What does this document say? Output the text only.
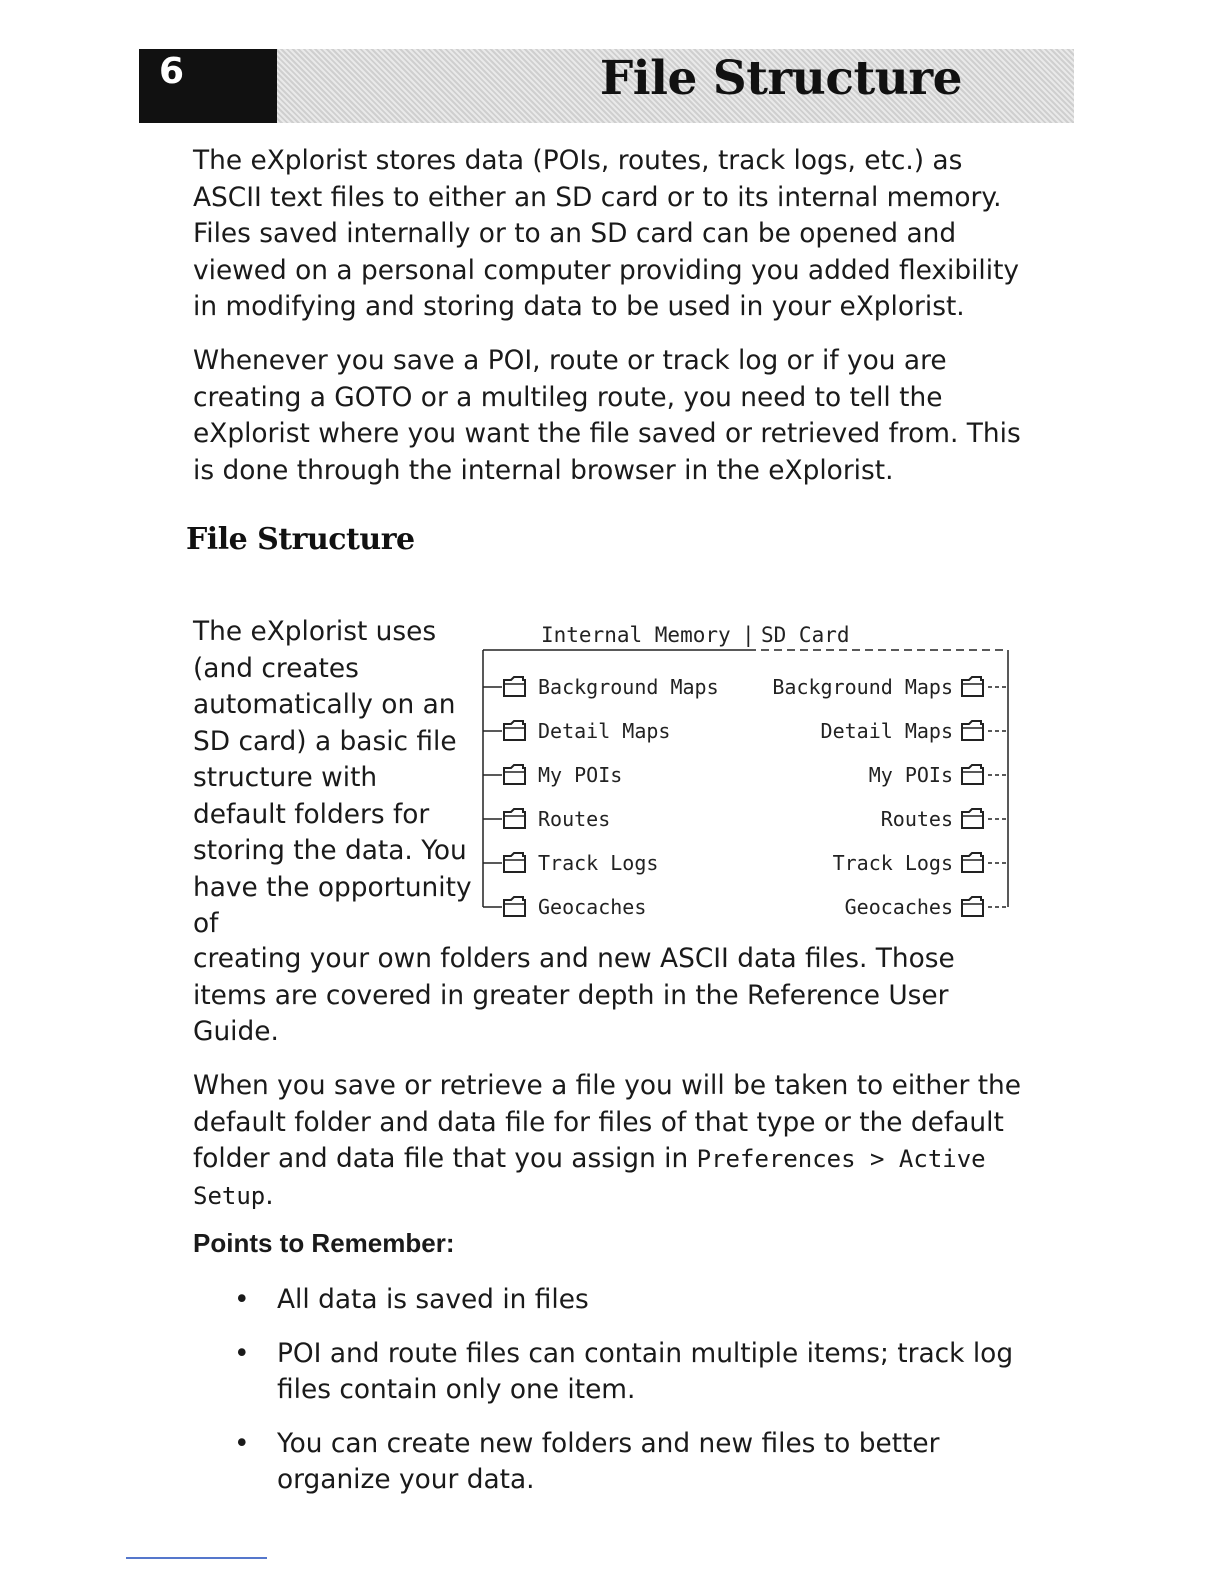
6	File Structure

The eXplorist stores data (POIs, routes, track logs, etc.) as ASCII text files to either an SD card or to its internal memory. Files saved internally or to an SD card can be opened and viewed on a personal computer providing you added flexibility in modifying and storing data to be used in your eXplorist.

Whenever you save a POI, route or track log or if you are creating a GOTO or a multileg route, you need to tell the eXplorist where you want the file saved or retrieved from. This is done through the internal browser in the eXplorist.

File Structure

The eXplorist uses (and creates automatically on an SD card) a basic file structure with default folders for storing the data. You have the opportunity of

Internal Memory | SD Card
Background Maps
Detail Maps
My POIs
Routes
Track Logs
Geocaches
Background Maps
Detail Maps
My POIs
Routes
Track Logs
Geocaches

creating your own folders and new ASCII data files. Those items are covered in greater depth in the Reference User Guide.

When you save or retrieve a file you will be taken to either the default folder and data file for files of that type or the default folder and data file that you assign in Preferences > Active Setup.

Points to Remember:
• All data is saved in files
• POI and route files can contain multiple items; track log files contain only one item.
• You can create new folders and new files to better organize your data.
